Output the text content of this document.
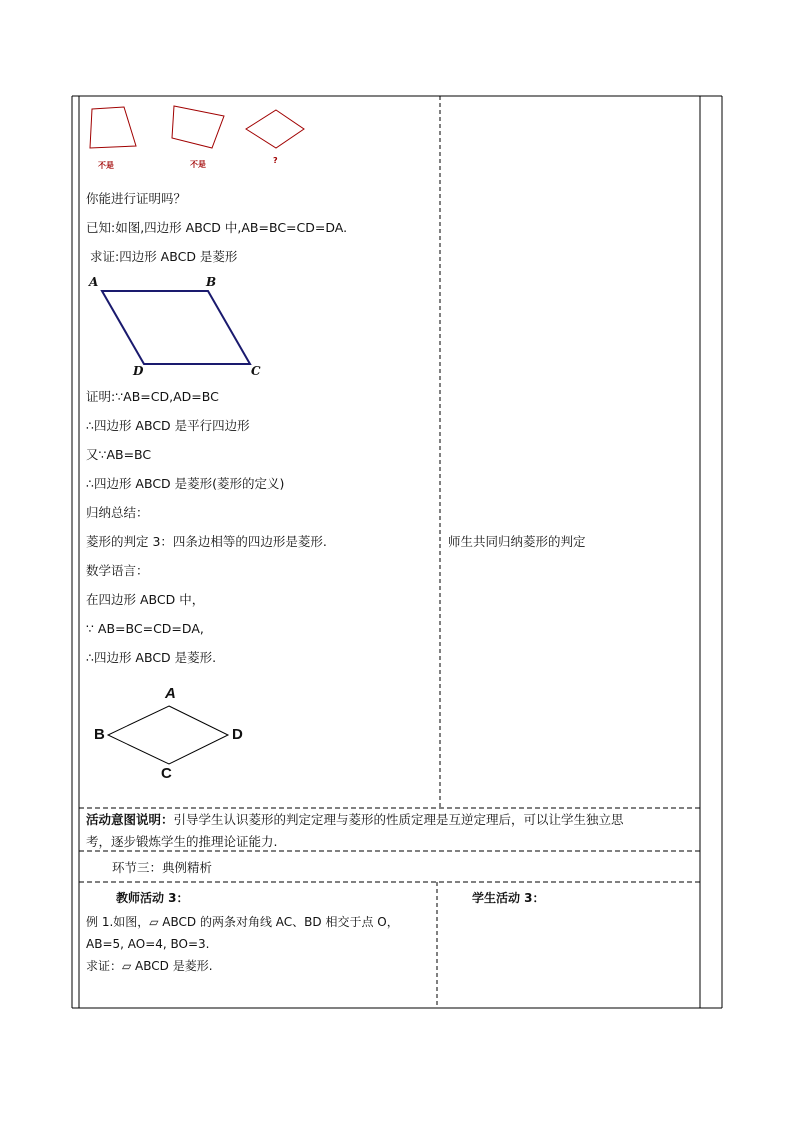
不是	不是	?
你能进行证明吗？
已知:如图,四边形 ABCD 中,AB=BC=CD=DA.
求证:四边形 ABCD 是菱形
A	B
C
D
证明:∵AB=CD,AD=BC
∴四边形 ABCD 是平行四边形
又∵AB=BC
∴四边形 ABCD 是菱形(菱形的定义)
归纳总结：
菱形的判定 3：四条边相等的四边形是菱形.
数学语言：
在四边形 ABCD 中，
∵ AB=BC=CD=DA,
∴四边形 ABCD 是菱形.
A
B
C
D
师生共同归纳菱形的判定
活动意图说明：引导学生认识菱形的判定定理与菱形的性质定理是互逆定理后，可以让学生独立思
考，逐步锻炼学生的推理论证能力.
环节三：典例精析
教师活动 3：	学生活动 3：
例 1.如图，▱ ABCD 的两条对角线 AC、BD 相交于点 O，
AB=5, AO=4, BO=3.
求证：▱ ABCD 是菱形.
